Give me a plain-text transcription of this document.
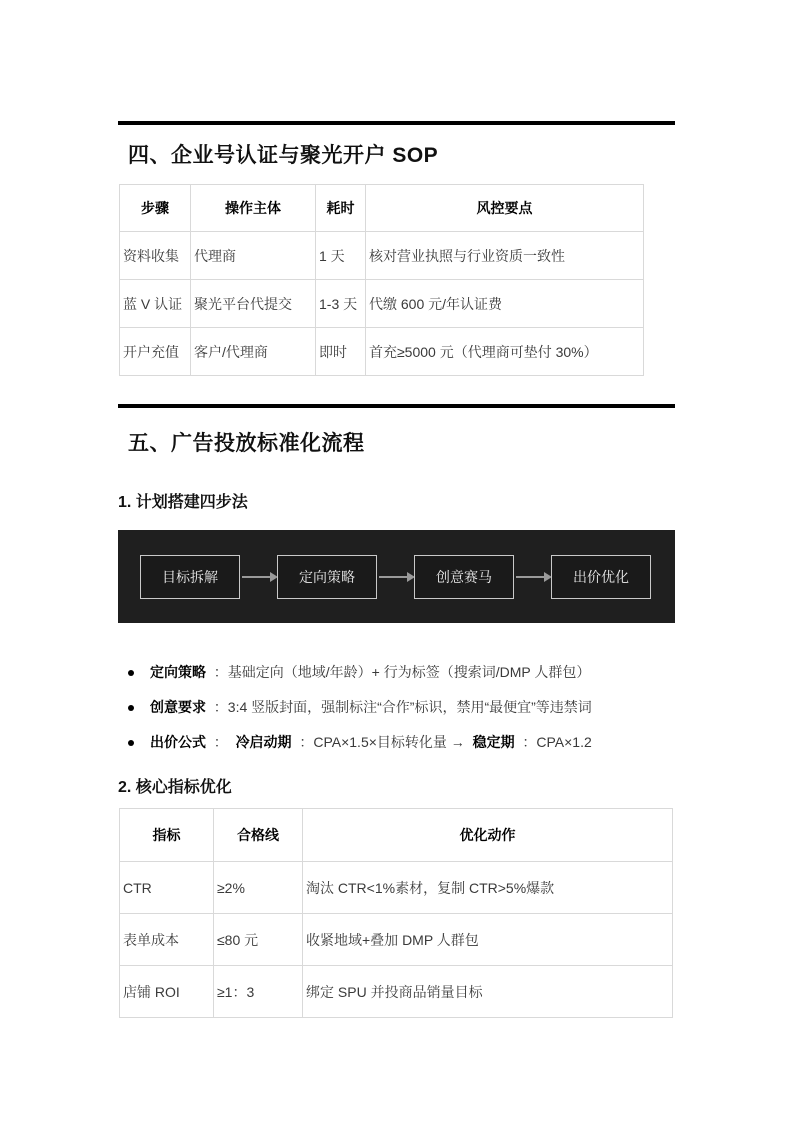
四、企业号认证与聚光开户 SOP
步骤	操作主体	耗时	风控要点
资料收集	代理商	1 天	核对营业执照与行业资质一致性
蓝 V 认证	聚光平台代提交	1-3 天	代缴 600 元/年认证费
开户充值	客户/代理商	即时	首充≥5000 元（代理商可垫付 30%）
五、广告投放标准化流程
1. 计划搭建四步法
目标拆解	定向策略	创意赛马	出价优化
定向策略  ：基础定向（地域/年龄）+ 行为标签（搜索词/DMP 人群包）
创意要求  ：3:4 竖版封面，强制标注“合作”标识，禁用“最便宜”等违禁词
出价公式  ：  冷启动期  ：CPA×1.5×目标转化量 →  稳定期  ：CPA×1.2
2. 核心指标优化
指标	合格线	优化动作
CTR	≥2%	淘汰 CTR<1%素材，复制 CTR>5%爆款
表单成本	≤80 元	收紧地域+叠加 DMP 人群包
店铺 ROI	≥1：3	绑定 SPU 并投商品销量目标
